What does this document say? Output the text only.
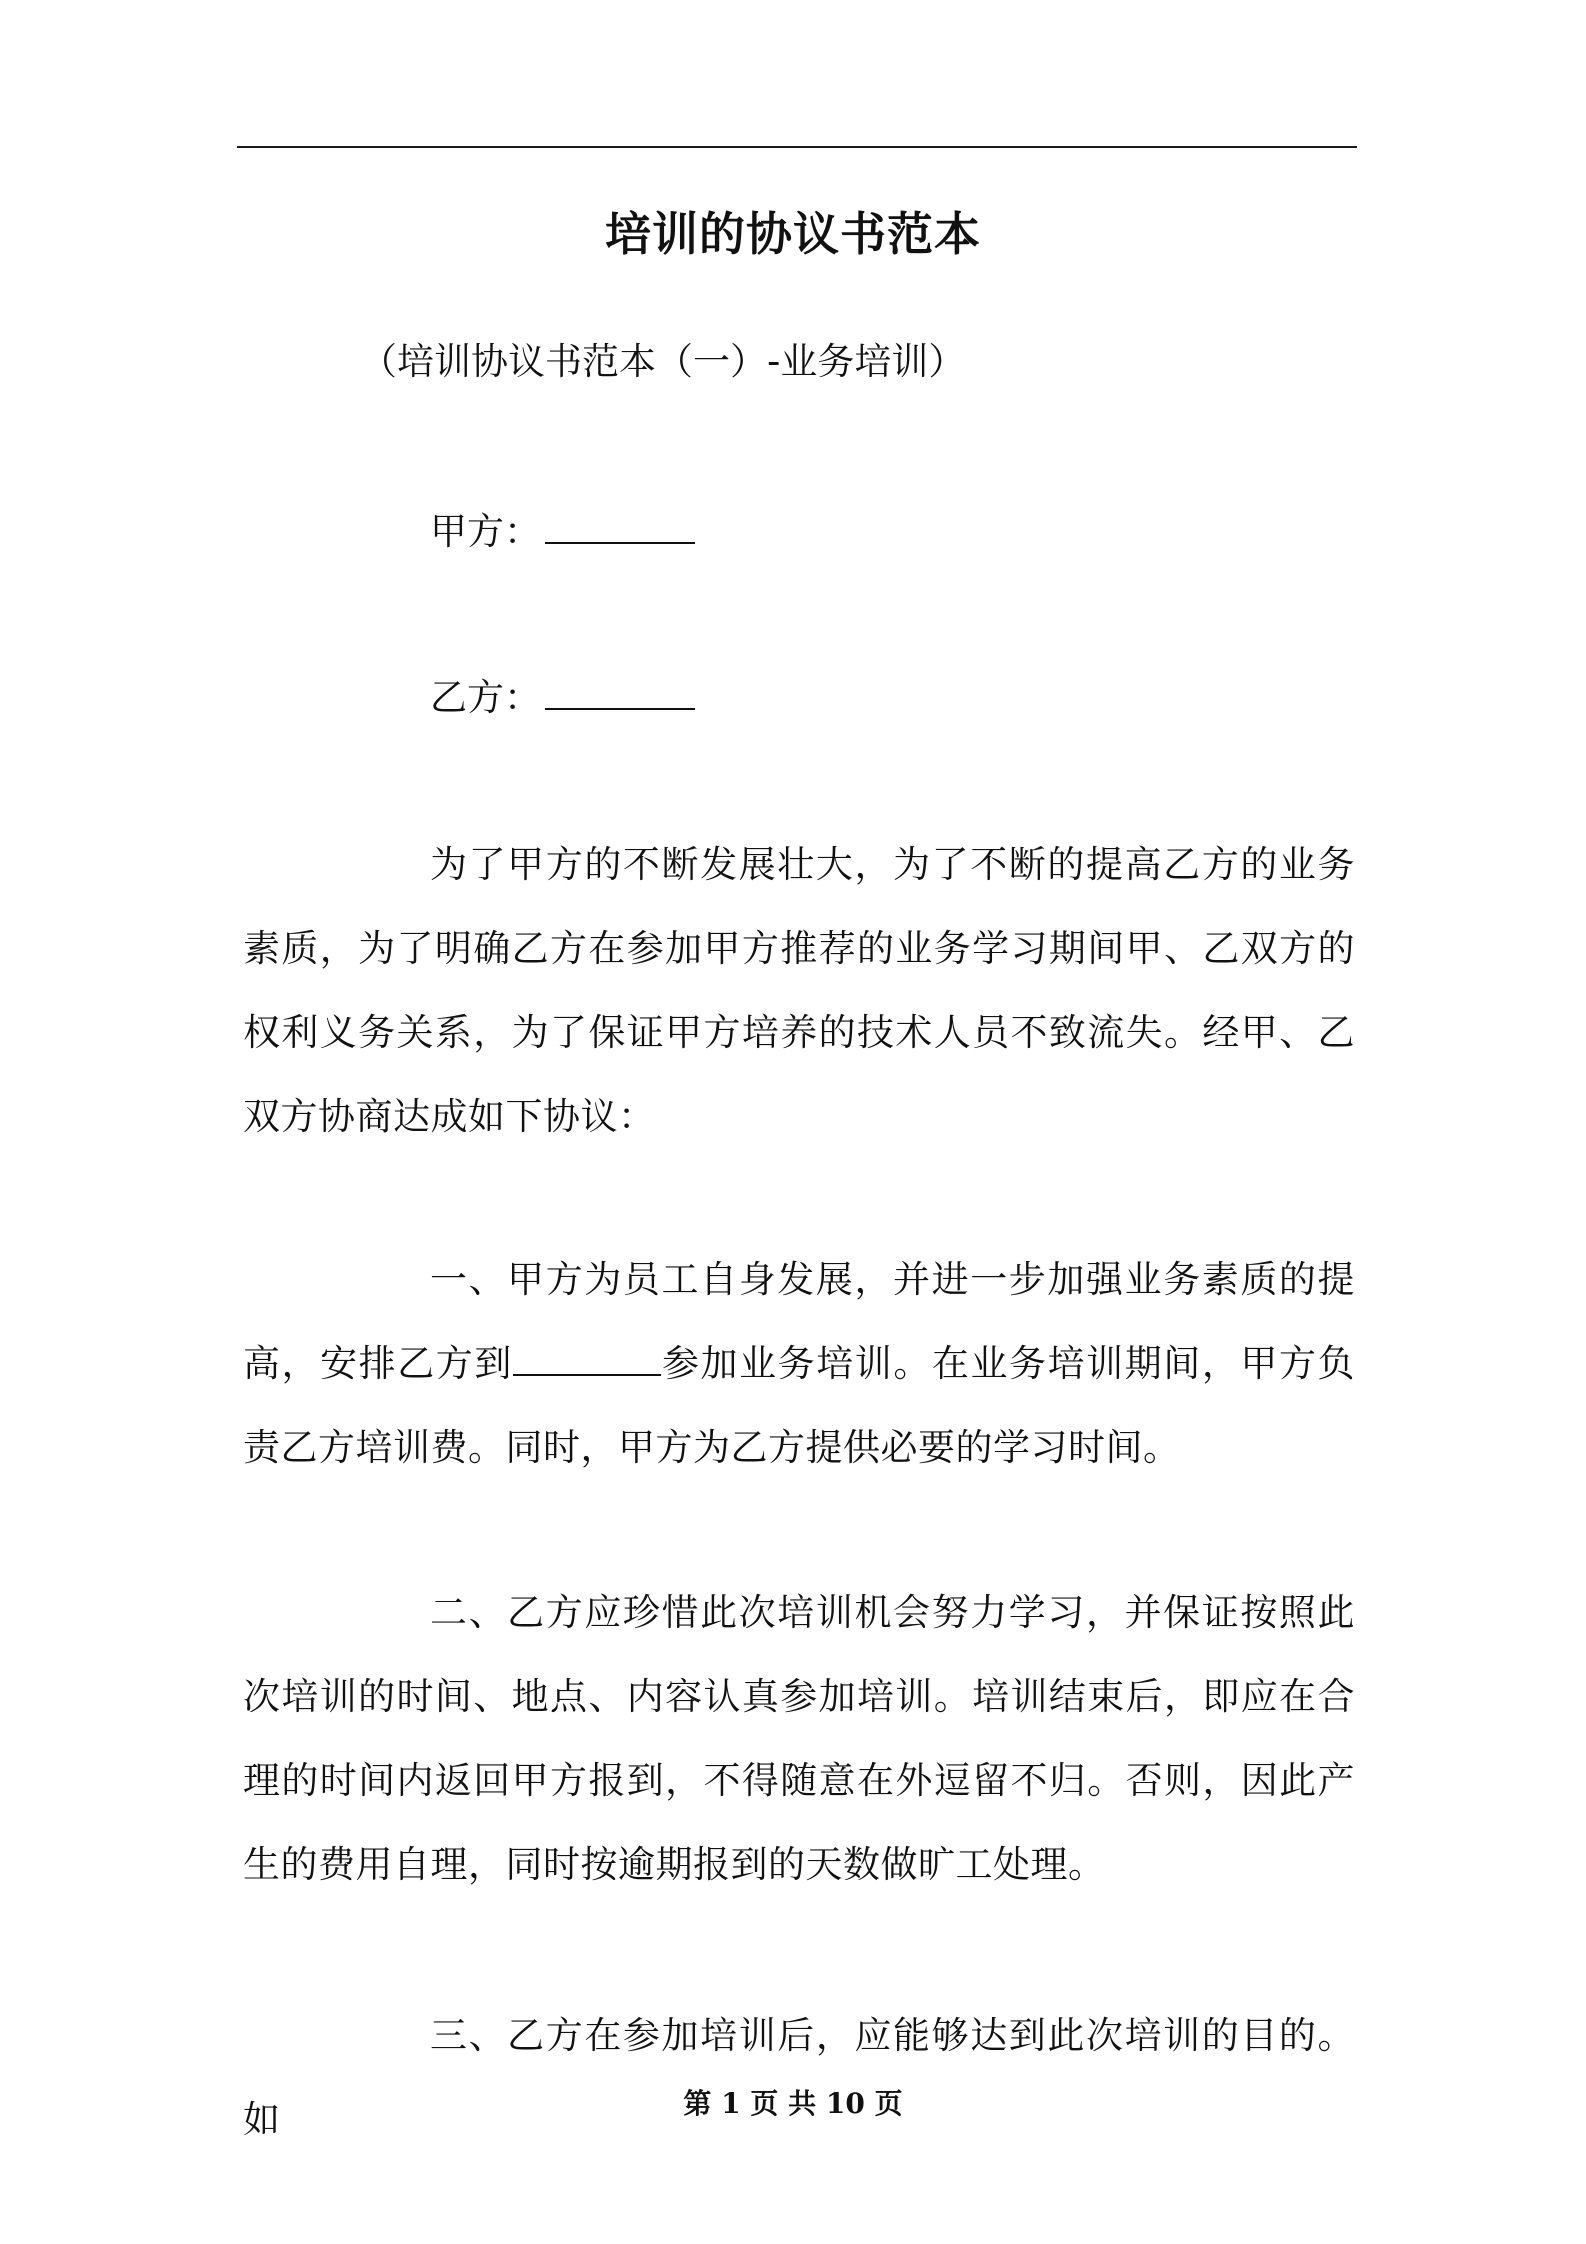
培训的协议书范本
（培训协议书范本（一）-业务培训）
甲方：
乙方：

为了甲方的不断发展壮大，为了不断的提高乙方的业务素质，为了明确乙方在参加甲方推荐的业务学习期间甲、乙双方的权利义务关系，为了保证甲方培养的技术人员不致流失。经甲、乙双方协商达成如下协议：

一、甲方为员工自身发展，并进一步加强业务素质的提高，安排乙方到	参加业务培训。在业务培训期间，甲方负责乙方培训费。同时，甲方为乙方提供必要的学习时间。

二、乙方应珍惜此次培训机会努力学习，并保证按照此次培训的时间、地点、内容认真参加培训。培训结束后，即应在合理的时间内返回甲方报到，不得随意在外逗留不归。否则，因此产生的费用自理，同时按逾期报到的天数做旷工处理。

三、乙方在参加培训后，应能够达到此次培训的目的。如	第 1 页 共 10 页
